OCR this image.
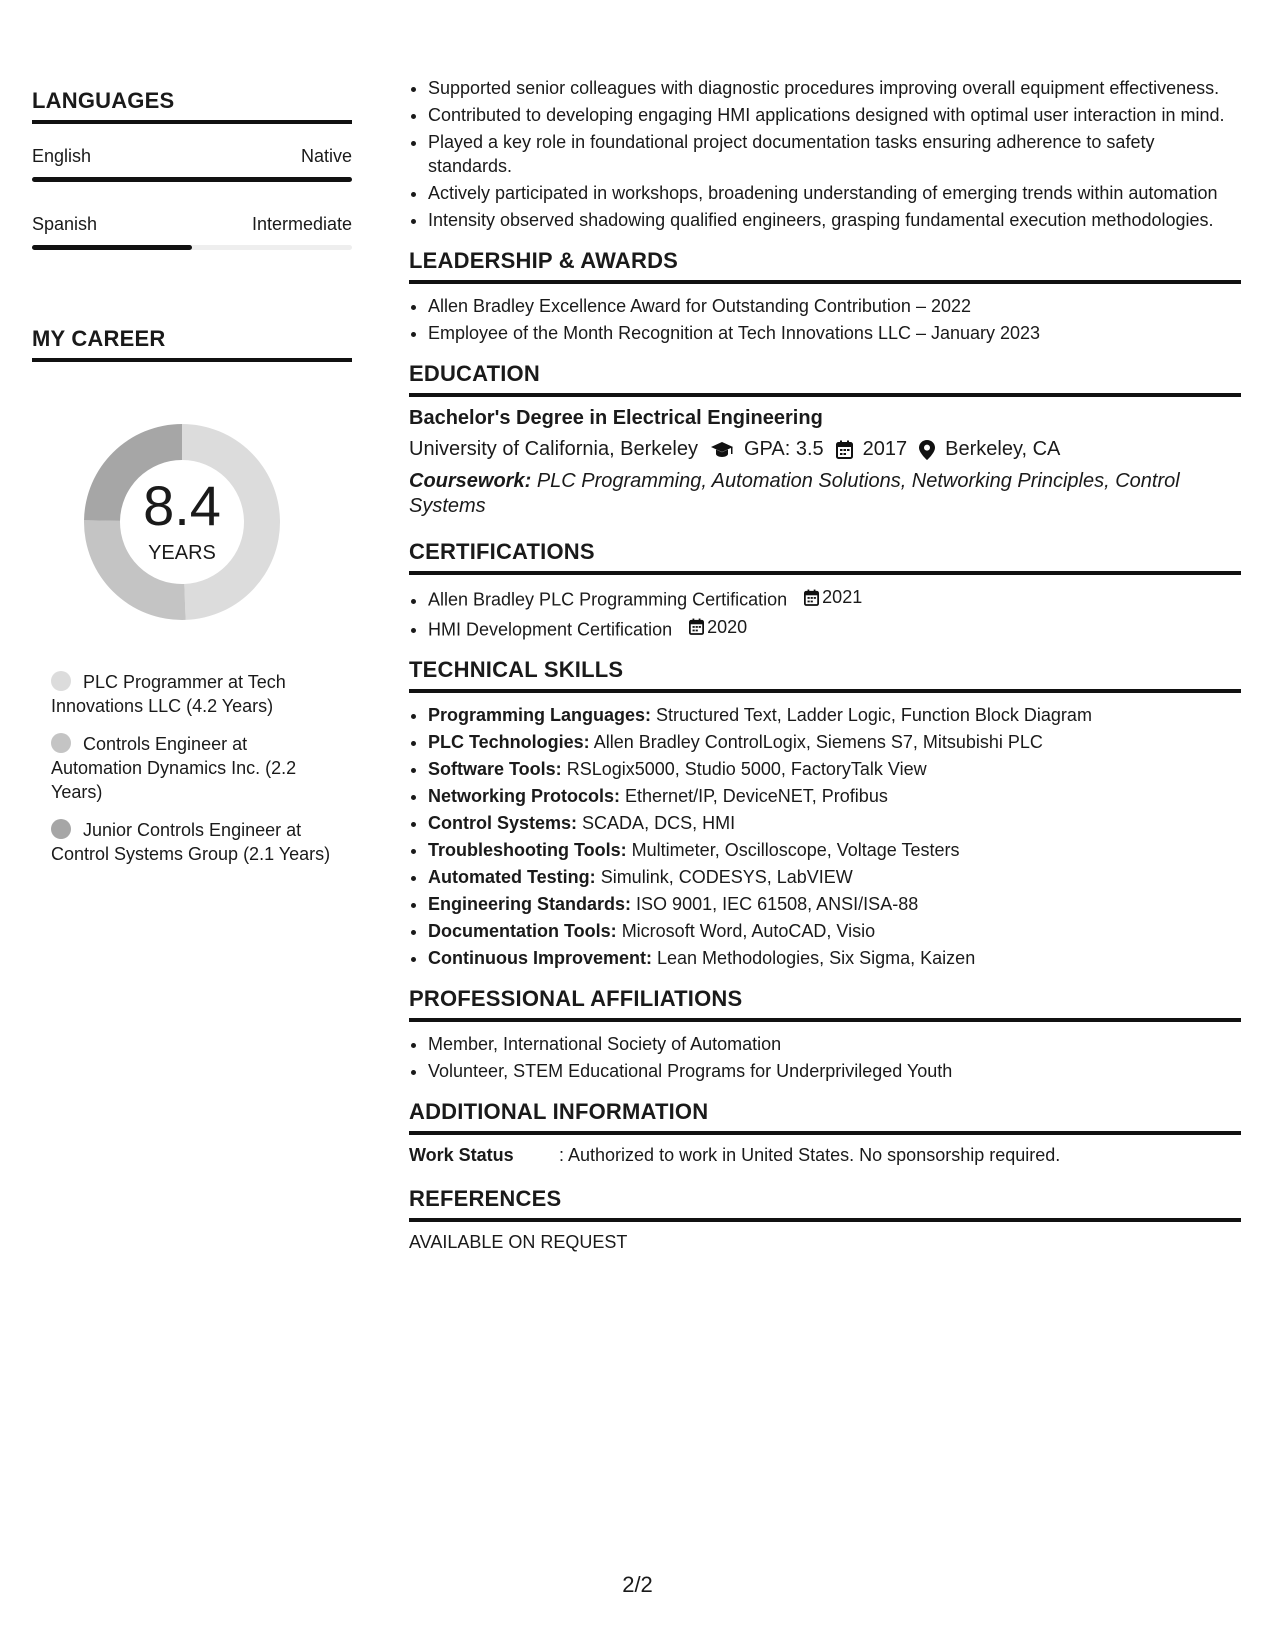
LANGUAGES
English	Native
Spanish	Intermediate
MY CAREER
8.4
YEARS
PLC Programmer at Tech Innovations LLC (4.2 Years)
Controls Engineer at Automation Dynamics Inc. (2.2 Years)
Junior Controls Engineer at Control Systems Group (2.1 Years)
• Supported senior colleagues with diagnostic procedures improving overall equipment effectiveness.
• Contributed to developing engaging HMI applications designed with optimal user interaction in mind.
• Played a key role in foundational project documentation tasks ensuring adherence to safety standards.
• Actively participated in workshops, broadening understanding of emerging trends within automation
• Intensity observed shadowing qualified engineers, grasping fundamental execution methodologies.
LEADERSHIP & AWARDS
• Allen Bradley Excellence Award for Outstanding Contribution – 2022
• Employee of the Month Recognition at Tech Innovations LLC – January 2023
EDUCATION
Bachelor's Degree in Electrical Engineering
University of California, Berkeley GPA: 3.5 2017 Berkeley, CA
Coursework: PLC Programming, Automation Solutions, Networking Principles, Control Systems
CERTIFICATIONS
• Allen Bradley PLC Programming Certification 2021
• HMI Development Certification 2020
TECHNICAL SKILLS
• Programming Languages: Structured Text, Ladder Logic, Function Block Diagram
• PLC Technologies: Allen Bradley ControlLogix, Siemens S7, Mitsubishi PLC
• Software Tools: RSLogix5000, Studio 5000, FactoryTalk View
• Networking Protocols: Ethernet/IP, DeviceNET, Profibus
• Control Systems: SCADA, DCS, HMI
• Troubleshooting Tools: Multimeter, Oscilloscope, Voltage Testers
• Automated Testing: Simulink, CODESYS, LabVIEW
• Engineering Standards: ISO 9001, IEC 61508, ANSI/ISA-88
• Documentation Tools: Microsoft Word, AutoCAD, Visio
• Continuous Improvement: Lean Methodologies, Six Sigma, Kaizen
PROFESSIONAL AFFILIATIONS
• Member, International Society of Automation
• Volunteer, STEM Educational Programs for Underprivileged Youth
ADDITIONAL INFORMATION
Work Status	: Authorized to work in United States. No sponsorship required.
REFERENCES
AVAILABLE ON REQUEST
2/2
